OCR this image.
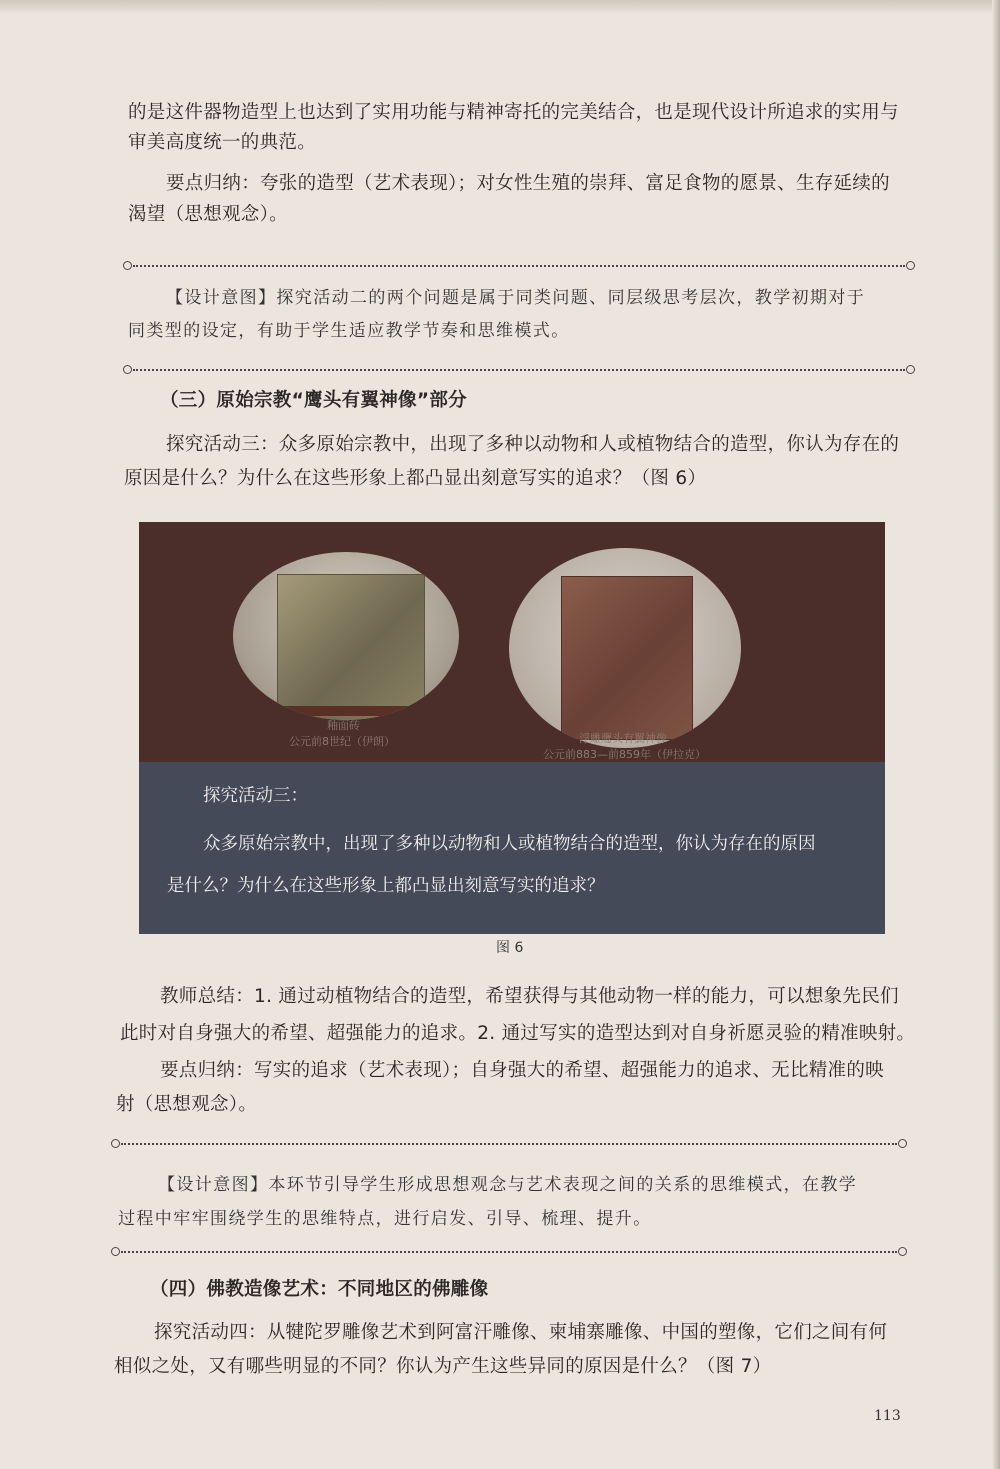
的是这件器物造型上也达到了实用功能与精神寄托的完美结合，也是现代设计所追求的实用与
审美高度统一的典范。
要点归纳：夸张的造型（艺术表现）；对女性生殖的崇拜、富足食物的愿景、生存延续的
渴望（思想观念）。
【设计意图】探究活动二的两个问题是属于同类问题、同层级思考层次，教学初期对于
同类型的设定，有助于学生适应教学节奏和思维模式。
（三）原始宗教“鹰头有翼神像”部分
探究活动三：众多原始宗教中，出现了多种以动物和人或植物结合的造型，你认为存在的
原因是什么？为什么在这些形象上都凸显出刻意写实的追求？（图 6）
釉面砖
公元前8世纪（伊朗）	浮雕鹰头有翼神像
公元前883—前859年（伊拉克）
探究活动三：
众多原始宗教中，出现了多种以动物和人或植物结合的造型，你认为存在的原因
是什么？为什么在这些形象上都凸显出刻意写实的追求？
图 6
教师总结：1. 通过动植物结合的造型，希望获得与其他动物一样的能力，可以想象先民们
此时对自身强大的希望、超强能力的追求。2. 通过写实的造型达到对自身祈愿灵验的精准映射。
要点归纳：写实的追求（艺术表现）；自身强大的希望、超强能力的追求、无比精准的映
射（思想观念）。
【设计意图】本环节引导学生形成思想观念与艺术表现之间的关系的思维模式，在教学
过程中牢牢围绕学生的思维特点，进行启发、引导、梳理、提升。
（四）佛教造像艺术：不同地区的佛雕像
探究活动四：从犍陀罗雕像艺术到阿富汗雕像、柬埔寨雕像、中国的塑像，它们之间有何
相似之处，又有哪些明显的不同？你认为产生这些异同的原因是什么？（图 7）
113
